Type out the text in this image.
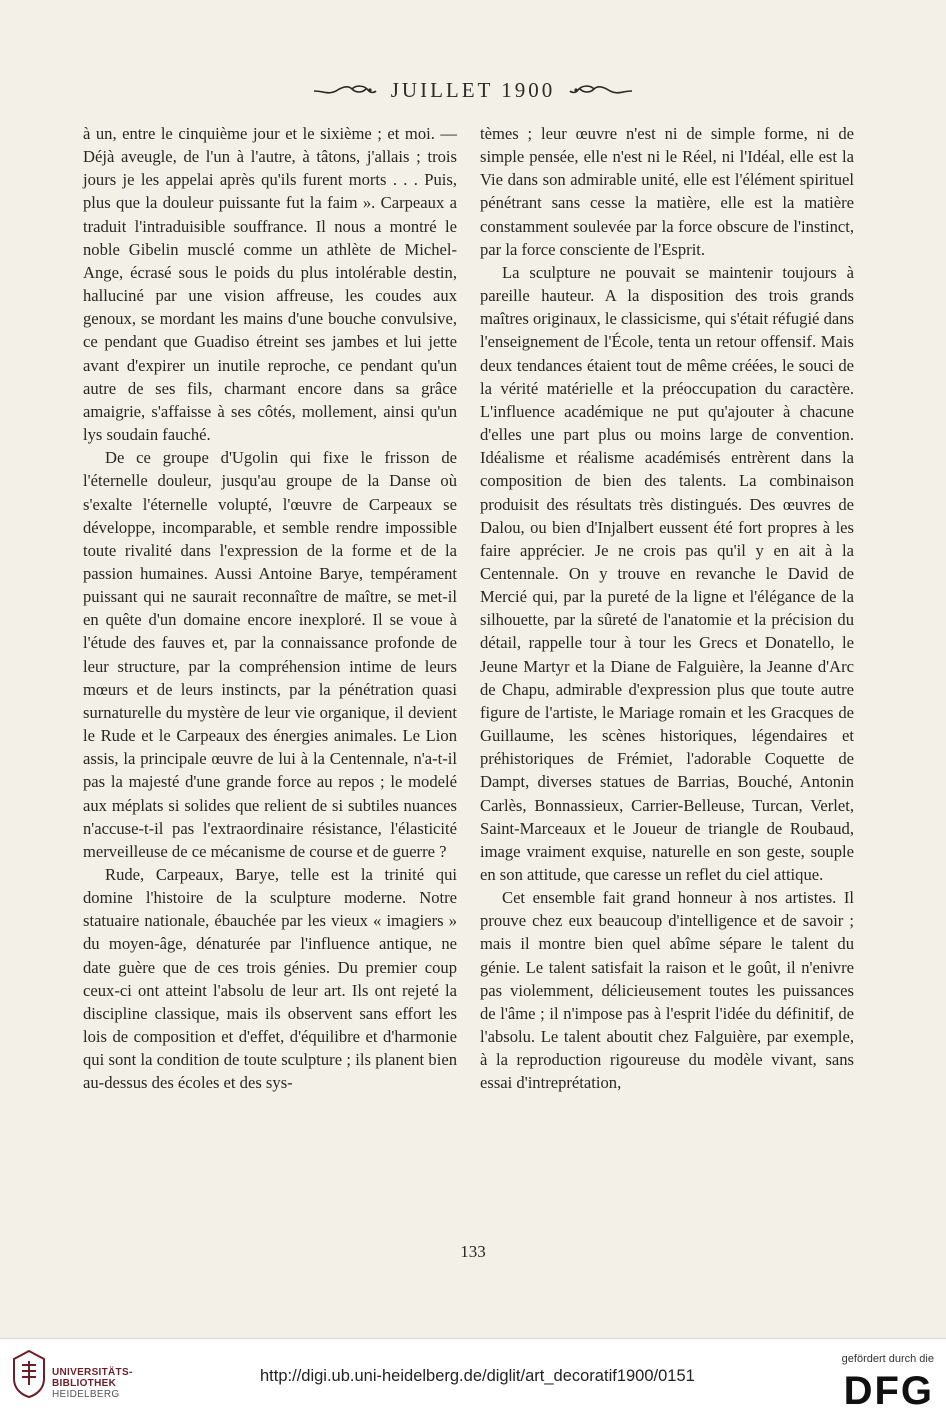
JUILLET 1900

à un, entre le cinquième jour et le sixième ; et moi. — Déjà aveugle, de l'un à l'autre, à tâtons, j'allais ; trois jours je les appelai après qu'ils furent morts . . . Puis, plus que la douleur puissante fut la faim ». Carpeaux a traduit l'intraduisible souffrance. Il nous a montré le noble Gibelin musclé comme un athlète de Michel-Ange, écrasé sous le poids du plus intolérable destin, halluciné par une vision affreuse, les coudes aux genoux, se mordant les mains d'une bouche convulsive, ce pendant que Guadiso étreint ses jambes et lui jette avant d'expirer un inutile reproche, ce pendant qu'un autre de ses fils, charmant encore dans sa grâce amaigrie, s'affaisse à ses côtés, mollement, ainsi qu'un lys soudain fauché.

De ce groupe d'Ugolin qui fixe le frisson de l'éternelle douleur, jusqu'au groupe de la Danse où s'exalte l'éternelle volupté, l'œuvre de Carpeaux se développe, incomparable, et semble rendre impossible toute rivalité dans l'expression de la forme et de la passion humaines. Aussi Antoine Barye, tempérament puissant qui ne saurait reconnaître de maître, se met-il en quête d'un domaine encore inexploré. Il se voue à l'étude des fauves et, par la connaissance profonde de leur structure, par la compréhension intime de leurs mœurs et de leurs instincts, par la pénétration quasi surnaturelle du mystère de leur vie organique, il devient le Rude et le Carpeaux des énergies animales. Le Lion assis, la principale œuvre de lui à la Centennale, n'a-t-il pas la majesté d'une grande force au repos ; le modelé aux méplats si solides que relient de si subtiles nuances n'accuse-t-il pas l'extraordinaire résistance, l'élasticité merveilleuse de ce mécanisme de course et de guerre ?

Rude, Carpeaux, Barye, telle est la trinité qui domine l'histoire de la sculpture moderne. Notre statuaire nationale, ébauchée par les vieux « imagiers » du moyen-âge, dénaturée par l'influence antique, ne date guère que de ces trois génies. Du premier coup ceux-ci ont atteint l'absolu de leur art. Ils ont rejeté la discipline classique, mais ils observent sans effort les lois de composition et d'effet, d'équilibre et d'harmonie qui sont la condition de toute sculpture ; ils planent bien au-dessus des écoles et des sys-

tèmes ; leur œuvre n'est ni de simple forme, ni de simple pensée, elle n'est ni le Réel, ni l'Idéal, elle est la Vie dans son admirable unité, elle est l'élément spirituel pénétrant sans cesse la matière, elle est la matière constamment soulevée par la force obscure de l'instinct, par la force consciente de l'Esprit.

La sculpture ne pouvait se maintenir toujours à pareille hauteur. A la disposition des trois grands maîtres originaux, le classicisme, qui s'était réfugié dans l'enseignement de l'École, tenta un retour offensif. Mais deux tendances étaient tout de même créées, le souci de la vérité matérielle et la préoccupation du caractère. L'influence académique ne put qu'ajouter à chacune d'elles une part plus ou moins large de convention. Idéalisme et réalisme académisés entrèrent dans la composition de bien des talents. La combinaison produisit des résultats très distingués. Des œuvres de Dalou, ou bien d'Injalbert eussent été fort propres à les faire apprécier. Je ne crois pas qu'il y en ait à la Centennale. On y trouve en revanche le David de Mercié qui, par la pureté de la ligne et l'élégance de la silhouette, par la sûreté de l'anatomie et la précision du détail, rappelle tour à tour les Grecs et Donatello, le Jeune Martyr et la Diane de Falguière, la Jeanne d'Arc de Chapu, admirable d'expression plus que toute autre figure de l'artiste, le Mariage romain et les Gracques de Guillaume, les scènes historiques, légendaires et préhistoriques de Frémiet, l'adorable Coquette de Dampt, diverses statues de Barrias, Bouché, Antonin Carlès, Bonnassieux, Carrier-Belleuse, Turcan, Verlet, Saint-Marceaux et le Joueur de triangle de Roubaud, image vraiment exquise, naturelle en son geste, souple en son attitude, que caresse un reflet du ciel attique.

Cet ensemble fait grand honneur à nos artistes. Il prouve chez eux beaucoup d'intelligence et de savoir ; mais il montre bien quel abîme sépare le talent du génie. Le talent satisfait la raison et le goût, il n'enivre pas violemment, délicieusement toutes les puissances de l'âme ; il n'impose pas à l'esprit l'idée du définitif, de l'absolu. Le talent aboutit chez Falguière, par exemple, à la reproduction rigoureuse du modèle vivant, sans essai d'intreprétation,

133
UNIVERSITÄTS-
BIBLIOTHEK
HEIDELBERG
http://digi.ub.uni-heidelberg.de/diglit/art_decoratif1900/0151
gefördert durch die
DFG
